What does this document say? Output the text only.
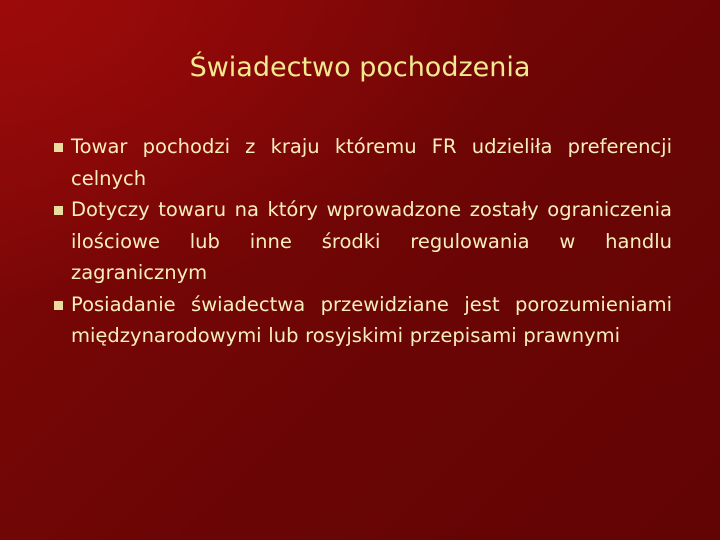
Świadectwo pochodzenia
Towar pochodzi z kraju któremu FR udzieliła preferencji celnych
Dotyczy towaru na który wprowadzone zostały ograniczenia ilościowe lub inne środki regulowania w handlu zagranicznym
Posiadanie świadectwa przewidziane jest porozumieniami międzynarodowymi lub rosyjskimi przepisami prawnymi
